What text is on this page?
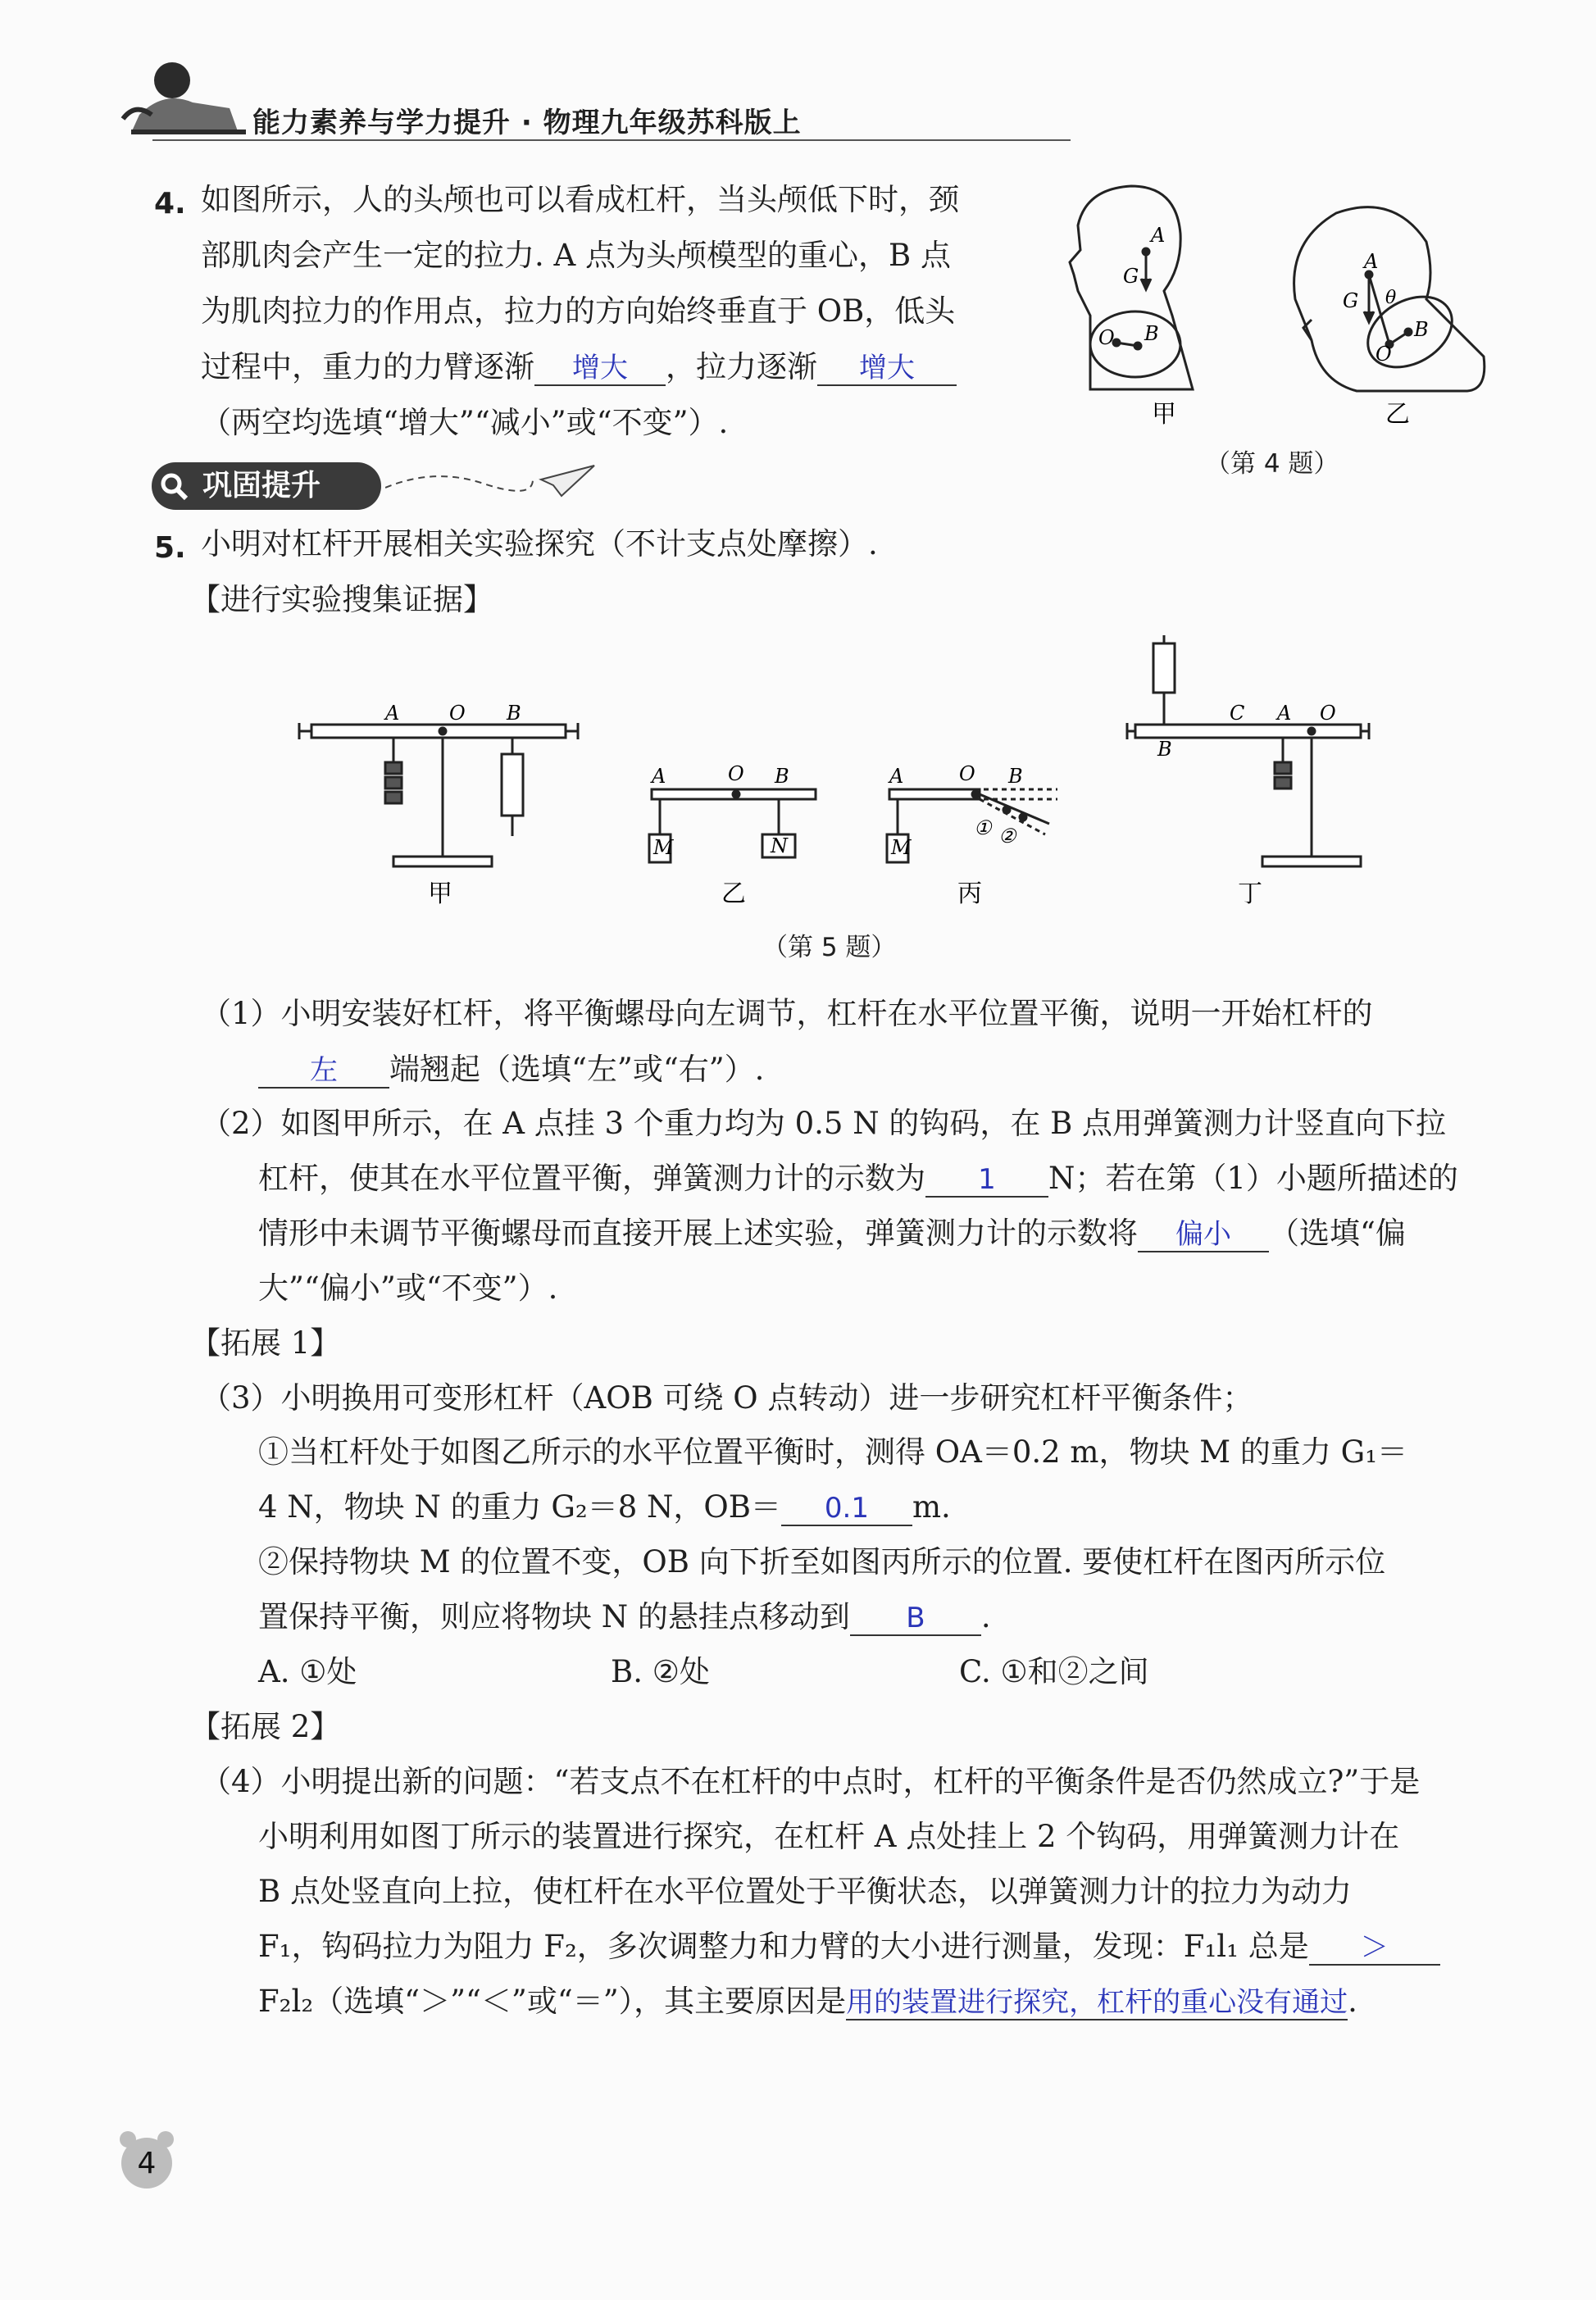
能力素养与学力提升 · 物理九年级苏科版上
4. 如图所示，人的头颅也可以看成杠杆，当头颅低下时，颈
部肌肉会产生一定的拉力. A 点为头颅模型的重心，B 点
为肌肉拉力的作用点，拉力的方向始终垂直于 OB，低头
过程中，重力的力臂逐渐 增大 ，拉力逐渐 增大
（两空均选填“增大”“减小”或“不变”）.
A
G
O B
甲
A
G θ
O
B
乙
（第 4 题）
巩固提升
5. 小明对杠杆开展相关实验探究（不计支点处摩擦）.
【进行实验搜集证据】
A	O B
A	O B
M	N
A	O B
M
① ②
B
C A O
甲	乙	丙	丁
（第 5 题）
（1）小明安装好杠杆，将平衡螺母向左调节，杠杆在水平位置平衡，说明一开始杠杆的
左 端翘起（选填“左”或“右”）.
（2）如图甲所示，在 A 点挂 3 个重力均为 0.5 N 的钩码，在 B 点用弹簧测力计竖直向下拉
杠杆，使其在水平位置平衡，弹簧测力计的示数为 1 N；若在第（1）小题所描述的
情形中未调节平衡螺母而直接开展上述实验，弹簧测力计的示数将 偏小 （选填“偏
大”“偏小”或“不变”）.
【拓展 1】
（3）小明换用可变形杠杆（AOB 可绕 O 点转动）进一步研究杠杆平衡条件；
①当杠杆处于如图乙所示的水平位置平衡时，测得 OA＝0.2 m，物块 M 的重力 G₁＝
4 N，物块 N 的重力 G₂＝8 N，OB＝ 0.1 m.
②保持物块 M 的位置不变，OB 向下折至如图丙所示的位置. 要使杠杆在图丙所示位
置保持平衡，则应将物块 N 的悬挂点移动到 B .
A. ①处	B. ②处	C. ①和②之间
【拓展 2】
（4）小明提出新的问题：“若支点不在杠杆的中点时，杠杆的平衡条件是否仍然成立?”于是
小明利用如图丁所示的装置进行探究，在杠杆 A 点处挂上 2 个钩码，用弹簧测力计在
B 点处竖直向上拉，使杠杆在水平位置处于平衡状态，以弹簧测力计的拉力为动力
F₁，钩码拉力为阻力 F₂，多次调整力和力臂的大小进行测量，发现：F₁l₁ 总是 ＞
F₂l₂（选填“＞”“＜”或“＝”），其主要原因是用的装置进行探究，杠杆的重心没有通过.
4
